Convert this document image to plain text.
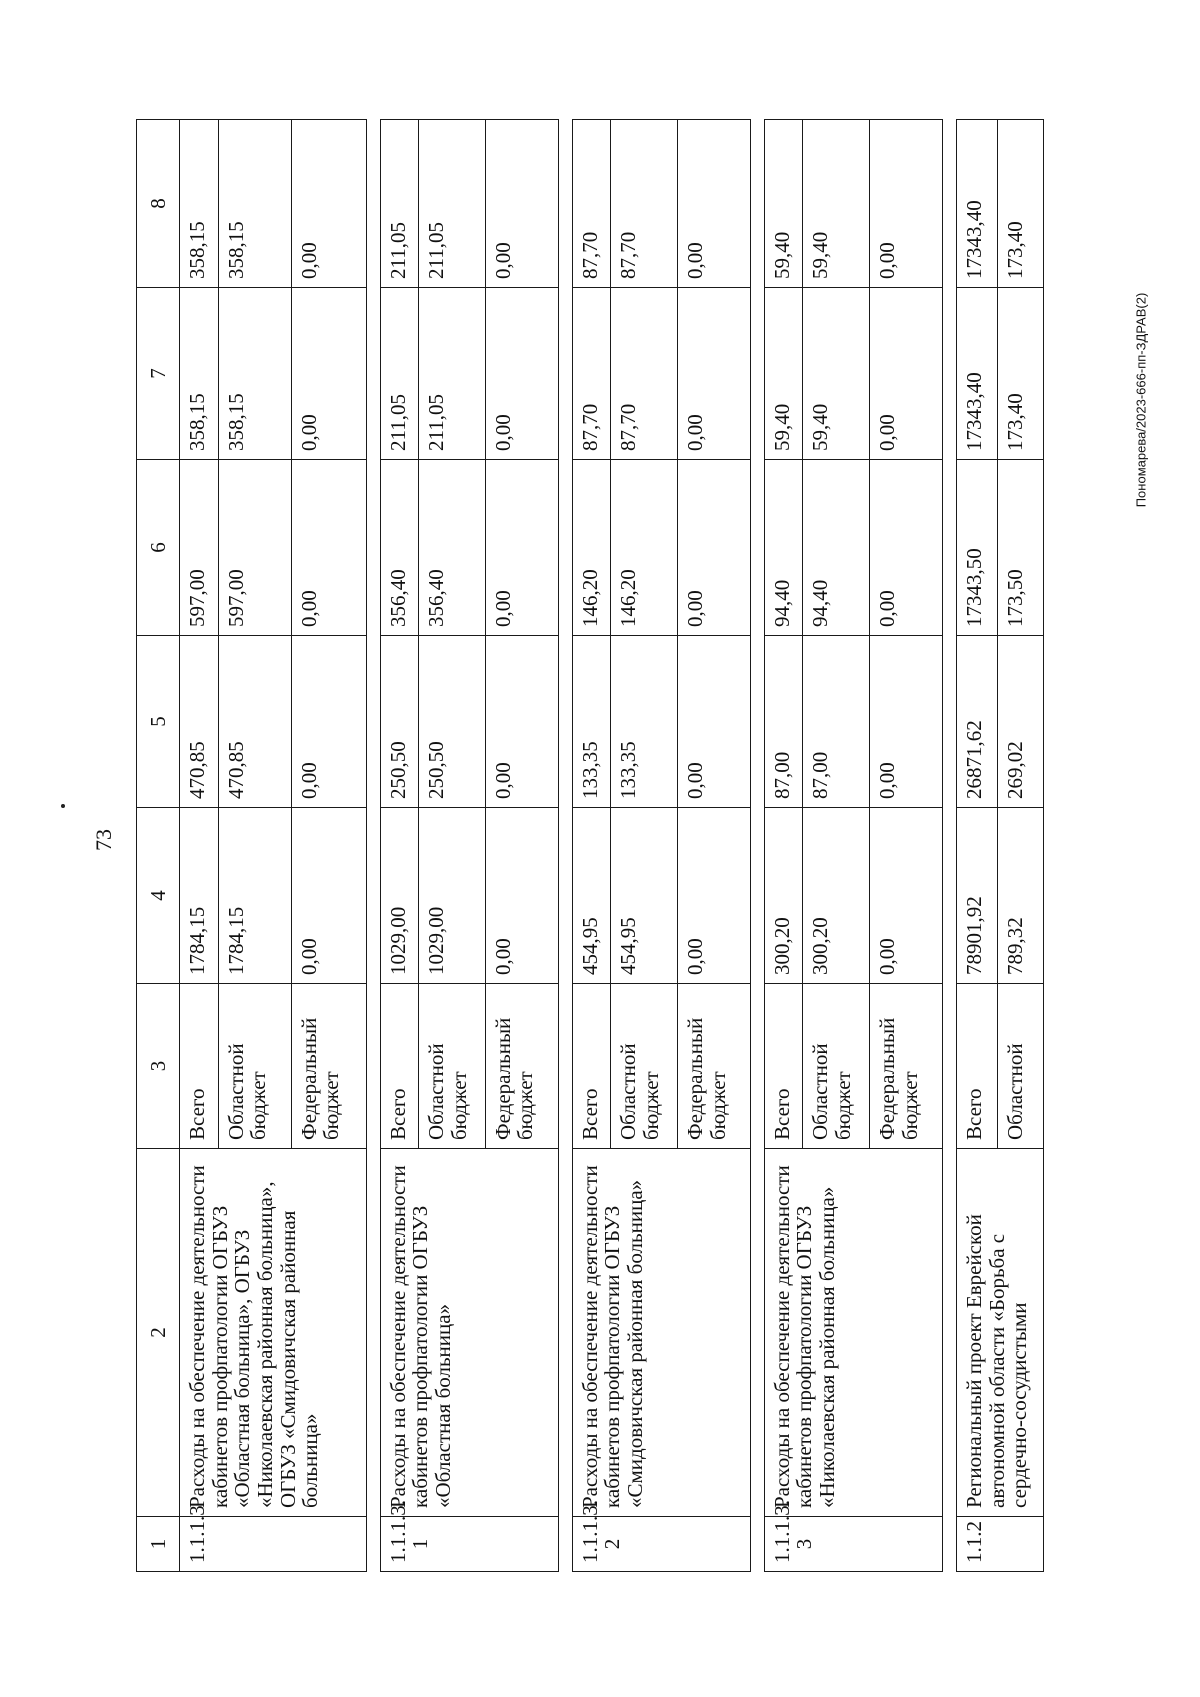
73
Пономарева/2023-666-пп-ЗДРАВ(2)
1	2	3	4	5	6	7	8
1.1.1.3	Расходы на обеспечение деятельности кабинетов профпатологии ОГБУЗ «Областная больница», ОГБУЗ «Николаевская районная больница», ОГБУЗ «Смидовичская районная больница»	Всего	1784,15	470,85	597,00	358,15	358,15
		Областной бюджет	1784,15	470,85	597,00	358,15	358,15
		Федеральный бюджет	0,00	0,00	0,00	0,00	0,00

1.1.1.3. 1	Расходы на обеспечение деятельности кабинетов профпатологии ОГБУЗ «Областная больница»	Всего	1029,00	250,50	356,40	211,05	211,05
		Областной бюджет	1029,00	250,50	356,40	211,05	211,05
		Федеральный бюджет	0,00	0,00	0,00	0,00	0,00

1.1.1.3. 2	Расходы на обеспечение деятельности кабинетов профпатологии ОГБУЗ «Смидовичская районная больница»	Всего	454,95	133,35	146,20	87,70	87,70
		Областной бюджет	454,95	133,35	146,20	87,70	87,70
		Федеральный бюджет	0,00	0,00	0,00	0,00	0,00

1.1.1.3. 3	Расходы на обеспечение деятельности кабинетов профпатологии ОГБУЗ «Николаевская районная больница»	Всего	300,20	87,00	94,40	59,40	59,40
		Областной бюджет	300,20	87,00	94,40	59,40	59,40
		Федеральный бюджет	0,00	0,00	0,00	0,00	0,00

1.1.2	Региональный проект Еврейской автономной области «Борьба с сердечно-сосудистыми	Всего	78901,92	26871,62	17343,50	17343,40	17343,40
		Областной	789,32	269,02	173,50	173,40	173,40
